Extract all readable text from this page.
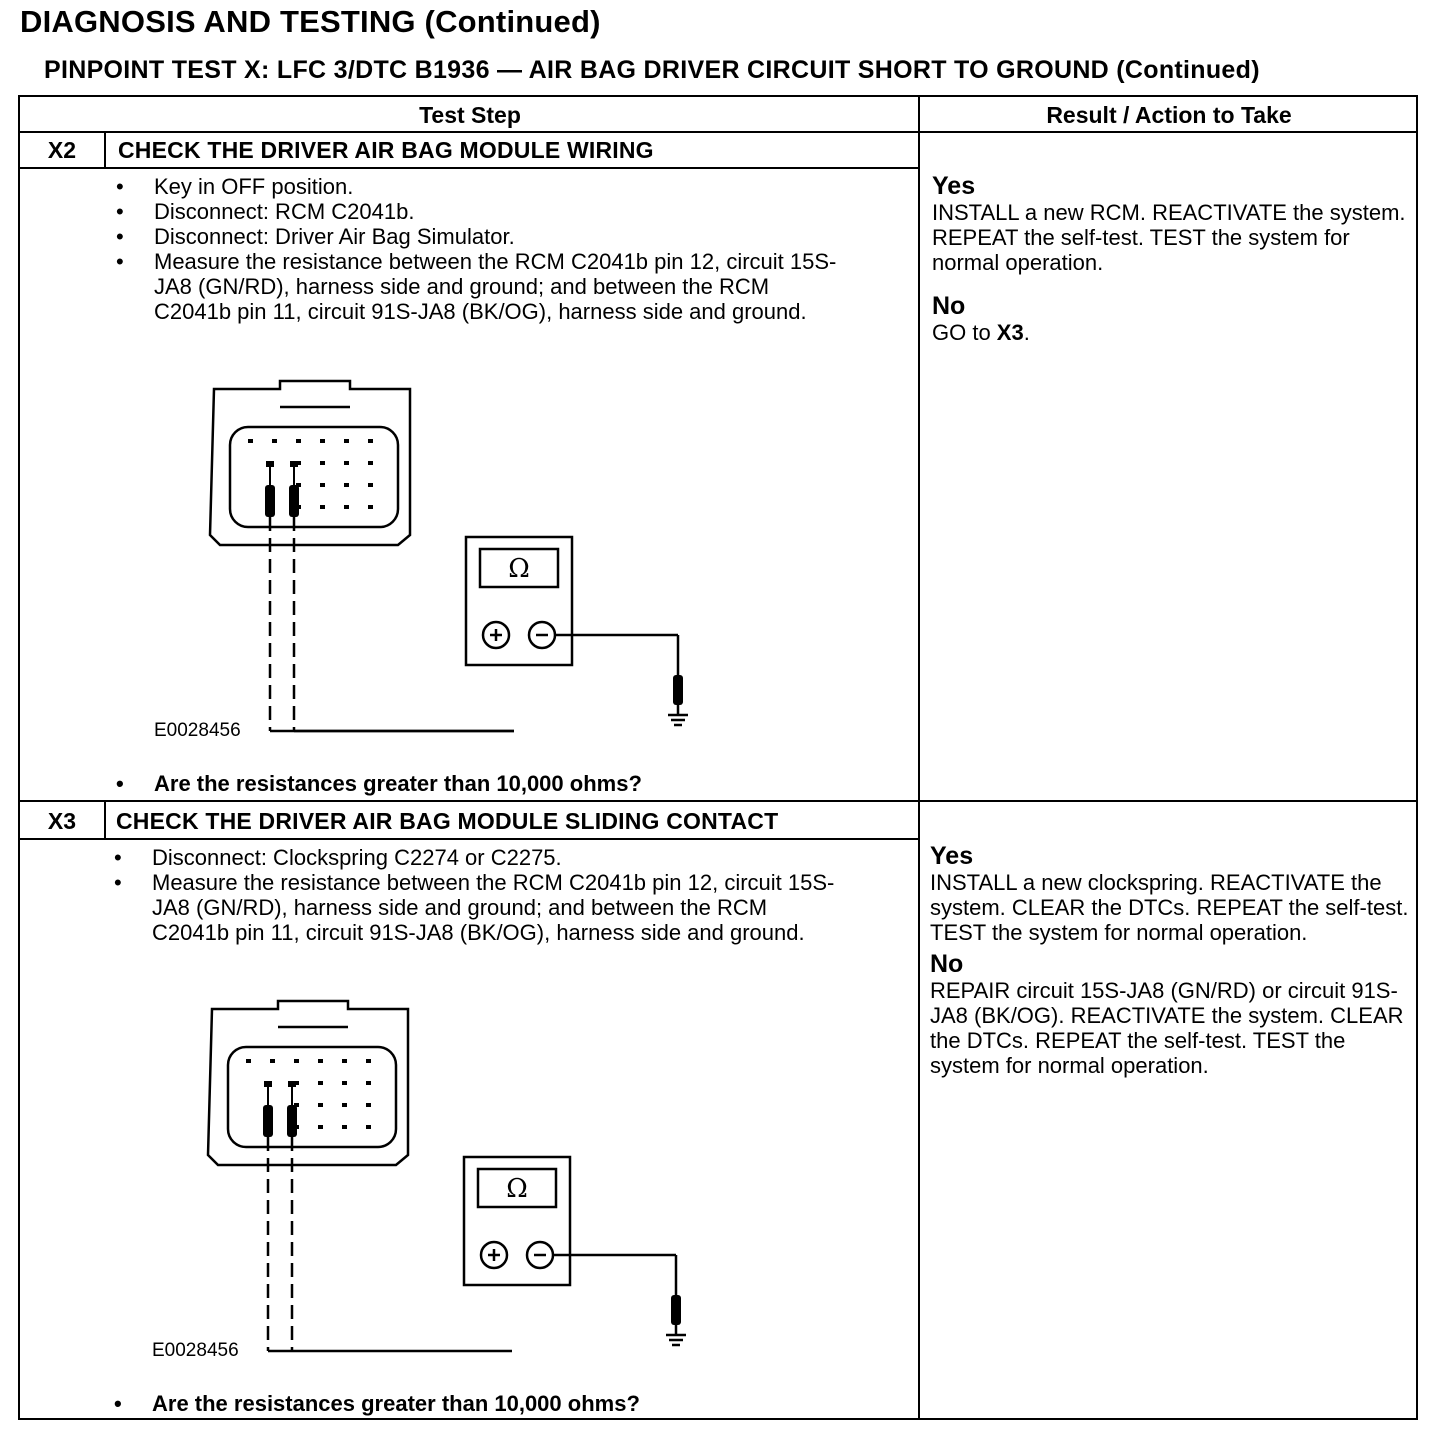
DIAGNOSIS AND TESTING (Continued)
PINPOINT TEST X: LFC 3/DTC B1936 — AIR BAG DRIVER CIRCUIT SHORT TO GROUND (Continued)
Test Step	Result / Action to Take
X2	CHECK THE DRIVER AIR BAG MODULE WIRING
• Key in OFF position.
• Disconnect: RCM C2041b.
• Disconnect: Driver Air Bag Simulator.
• Measure the resistance between the RCM C2041b pin 12, circuit 15S-JA8 (GN/RD), harness side and ground; and between the RCM C2041b pin 11, circuit 91S-JA8 (BK/OG), harness side and ground.
Ω
E0028456
• Are the resistances greater than 10,000 ohms?
Yes
INSTALL a new RCM. REACTIVATE the system. REPEAT the self-test. TEST the system for normal operation.
No
GO to X3.
X3	CHECK THE DRIVER AIR BAG MODULE SLIDING CONTACT
• Disconnect: Clockspring C2274 or C2275.
• Measure the resistance between the RCM C2041b pin 12, circuit 15S-JA8 (GN/RD), harness side and ground; and between the RCM C2041b pin 11, circuit 91S-JA8 (BK/OG), harness side and ground.
Ω
E0028456
• Are the resistances greater than 10,000 ohms?
Yes
INSTALL a new clockspring. REACTIVATE the system. CLEAR the DTCs. REPEAT the self-test. TEST the system for normal operation.
No
REPAIR circuit 15S-JA8 (GN/RD) or circuit 91S-JA8 (BK/OG). REACTIVATE the system. CLEAR the DTCs. REPEAT the self-test. TEST the system for normal operation.
